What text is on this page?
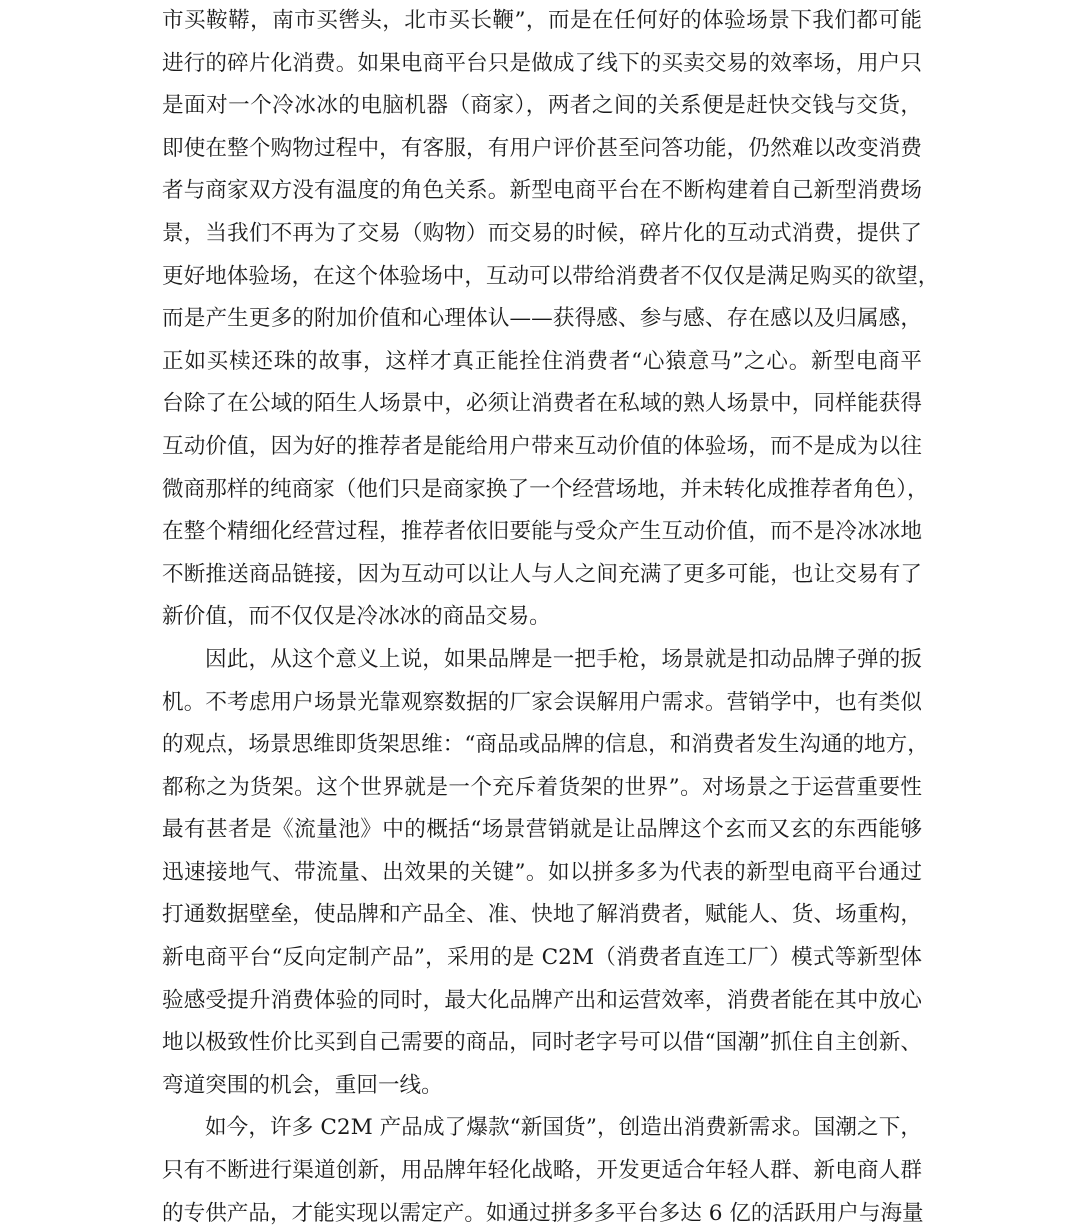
市买鞍鞯，南市买辔头，北市买长鞭”，而是在任何好的体验场景下我们都可能
进行的碎片化消费。如果电商平台只是做成了线下的买卖交易的效率场，用户只
是面对一个冷冰冰的电脑机器（商家），两者之间的关系便是赶快交钱与交货，
即使在整个购物过程中，有客服，有用户评价甚至问答功能，仍然难以改变消费
者与商家双方没有温度的角色关系。新型电商平台在不断构建着自己新型消费场
景，当我们不再为了交易（购物）而交易的时候，碎片化的互动式消费，提供了
更好地体验场，在这个体验场中，互动可以带给消费者不仅仅是满足购买的欲望，
而是产生更多的附加价值和心理体认——获得感、参与感、存在感以及归属感，
正如买椟还珠的故事，这样才真正能拴住消费者“心猿意马”之心。新型电商平
台除了在公域的陌生人场景中，必须让消费者在私域的熟人场景中，同样能获得
互动价值，因为好的推荐者是能给用户带来互动价值的体验场，而不是成为以往
微商那样的纯商家（他们只是商家换了一个经营场地，并未转化成推荐者角色），
在整个精细化经营过程，推荐者依旧要能与受众产生互动价值，而不是冷冰冰地
不断推送商品链接，因为互动可以让人与人之间充满了更多可能，也让交易有了
新价值，而不仅仅是冷冰冰的商品交易。
因此，从这个意义上说，如果品牌是一把手枪，场景就是扣动品牌子弹的扳
机。不考虑用户场景光靠观察数据的厂家会误解用户需求。营销学中，也有类似
的观点，场景思维即货架思维：“商品或品牌的信息，和消费者发生沟通的地方，
都称之为货架。这个世界就是一个充斥着货架的世界”。对场景之于运营重要性
最有甚者是《流量池》中的概括“场景营销就是让品牌这个玄而又玄的东西能够
迅速接地气、带流量、出效果的关键”。如以拼多多为代表的新型电商平台通过
打通数据壁垒，使品牌和产品全、准、快地了解消费者，赋能人、货、场重构，
新电商平台“反向定制产品”，采用的是 C2M（消费者直连工厂）模式等新型体
验感受提升消费体验的同时，最大化品牌产出和运营效率，消费者能在其中放心
地以极致性价比买到自己需要的商品，同时老字号可以借“国潮”抓住自主创新、
弯道突围的机会，重回一线。
如今，许多 C2M 产品成了爆款“新国货”，创造出消费新需求。国潮之下，
只有不断进行渠道创新，用品牌年轻化战略，开发更适合年轻人群、新电商人群
的专供产品，才能实现以需定产。如通过拼多多平台多达 6 亿的活跃用户与海量
